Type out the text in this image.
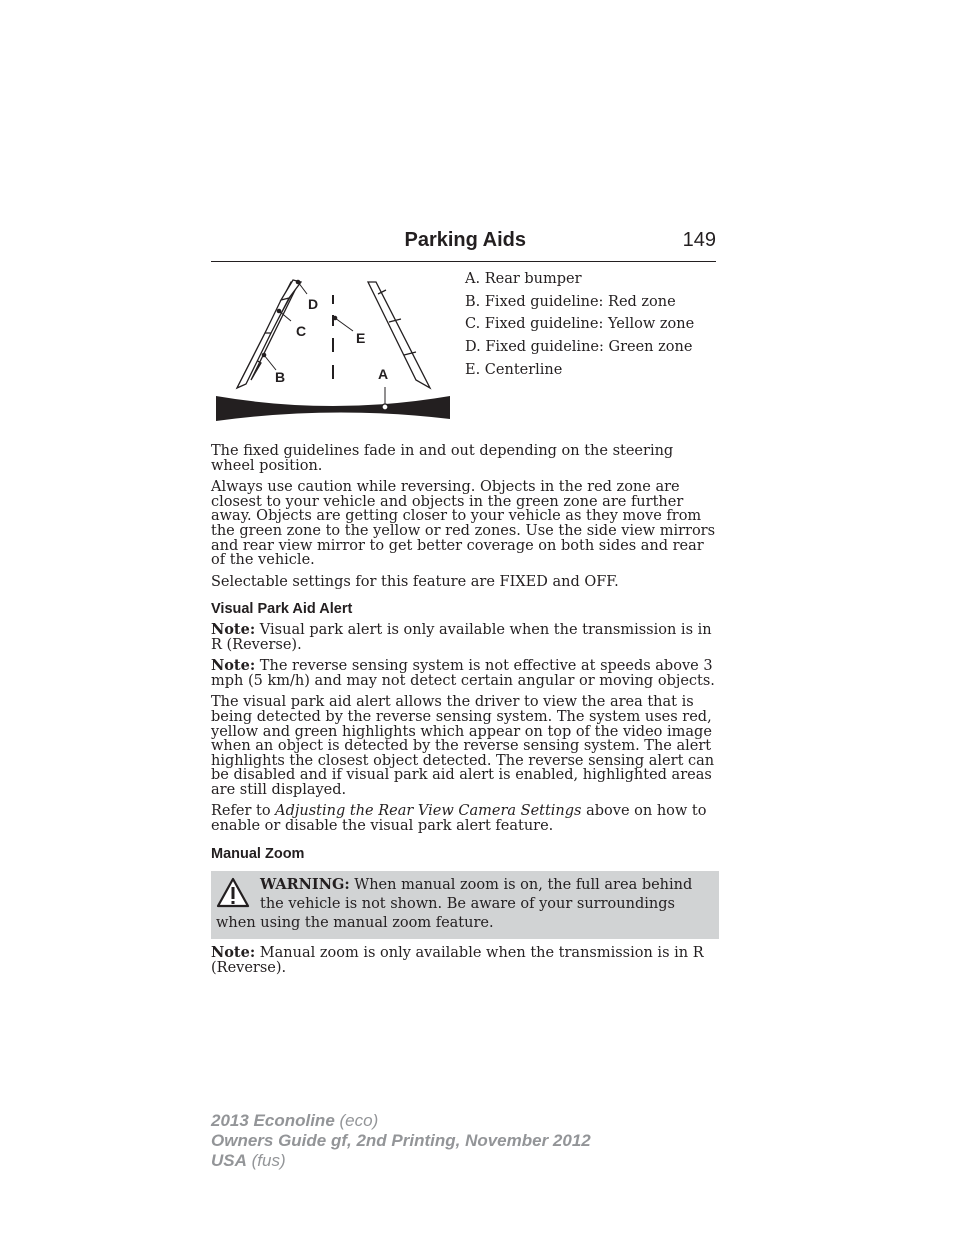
Parking Aids	149
D
C	E
B	A
A. Rear bumper
B. Fixed guideline: Red zone
C. Fixed guideline: Yellow zone
D. Fixed guideline: Green zone
E. Centerline

The fixed guidelines fade in and out depending on the steering wheel position.

Always use caution while reversing. Objects in the red zone are closest to your vehicle and objects in the green zone are further away. Objects are getting closer to your vehicle as they move from the green zone to the yellow or red zones. Use the side view mirrors and rear view mirror to get better coverage on both sides and rear of the vehicle.

Selectable settings for this feature are FIXED and OFF.

Visual Park Aid Alert

Note: Visual park alert is only available when the transmission is in R (Reverse).

Note: The reverse sensing system is not effective at speeds above 3 mph (5 km/h) and may not detect certain angular or moving objects.

The visual park aid alert allows the driver to view the area that is being detected by the reverse sensing system. The system uses red, yellow and green highlights which appear on top of the video image when an object is detected by the reverse sensing system. The alert highlights the closest object detected. The reverse sensing alert can be disabled and if visual park aid alert is enabled, highlighted areas are still displayed.

Refer to Adjusting the Rear View Camera Settings above on how to enable or disable the visual park alert feature.

Manual Zoom
WARNING: When manual zoom is on, the full area behind the vehicle is not shown. Be aware of your surroundings when using the manual zoom feature.

Note: Manual zoom is only available when the transmission is in R (Reverse).

2013 Econoline (eco)
Owners Guide gf, 2nd Printing, November 2012
USA (fus)
